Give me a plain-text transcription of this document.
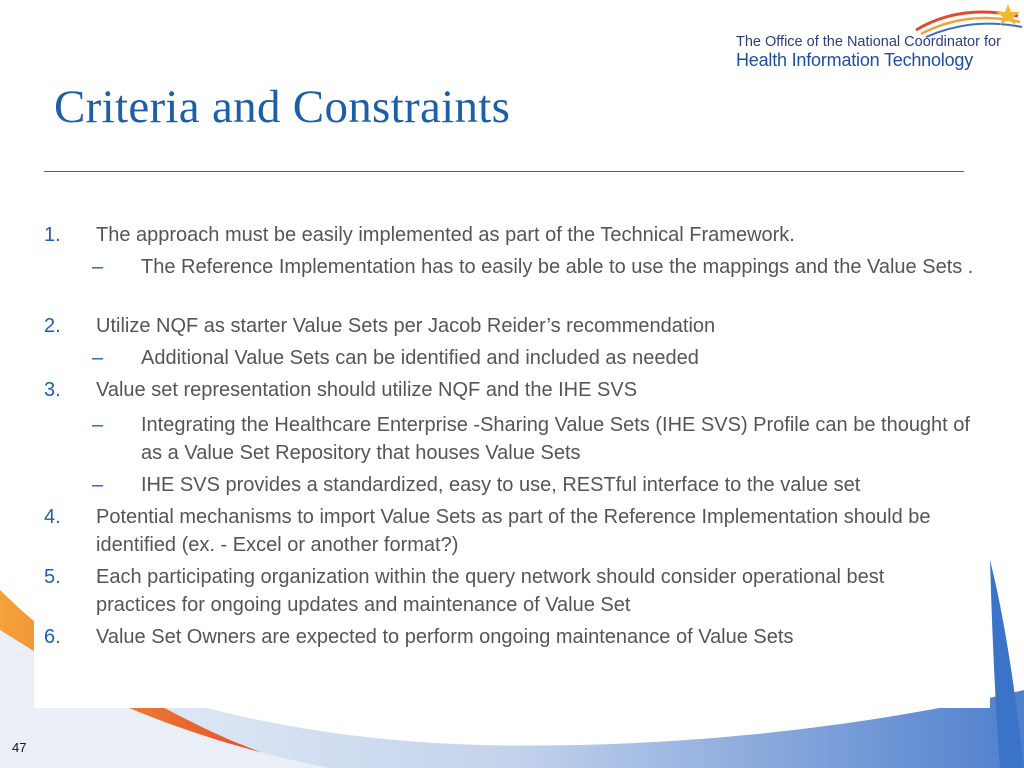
The Office of the National Coordinator for
Health Information Technology
Criteria and Constraints
1. The approach must be easily implemented as part of the Technical Framework.
– The Reference Implementation has to easily be able to use the mappings and the Value Sets .
2. Utilize NQF as starter Value Sets per Jacob Reider’s recommendation
– Additional Value Sets can be identified and included as needed
3. Value set representation should utilize NQF and the IHE SVS
– Integrating the Healthcare Enterprise -Sharing Value Sets (IHE SVS) Profile can be thought of as a Value Set Repository that houses Value Sets
– IHE SVS provides a standardized, easy to use, RESTful interface to the value set
4. Potential mechanisms to import Value Sets as part of the Reference Implementation should be identified (ex. - Excel or another format?)
5. Each participating organization within the query network should consider operational best practices for ongoing updates and maintenance of Value Set
6. Value Set Owners are expected to perform ongoing maintenance of Value Sets
47
